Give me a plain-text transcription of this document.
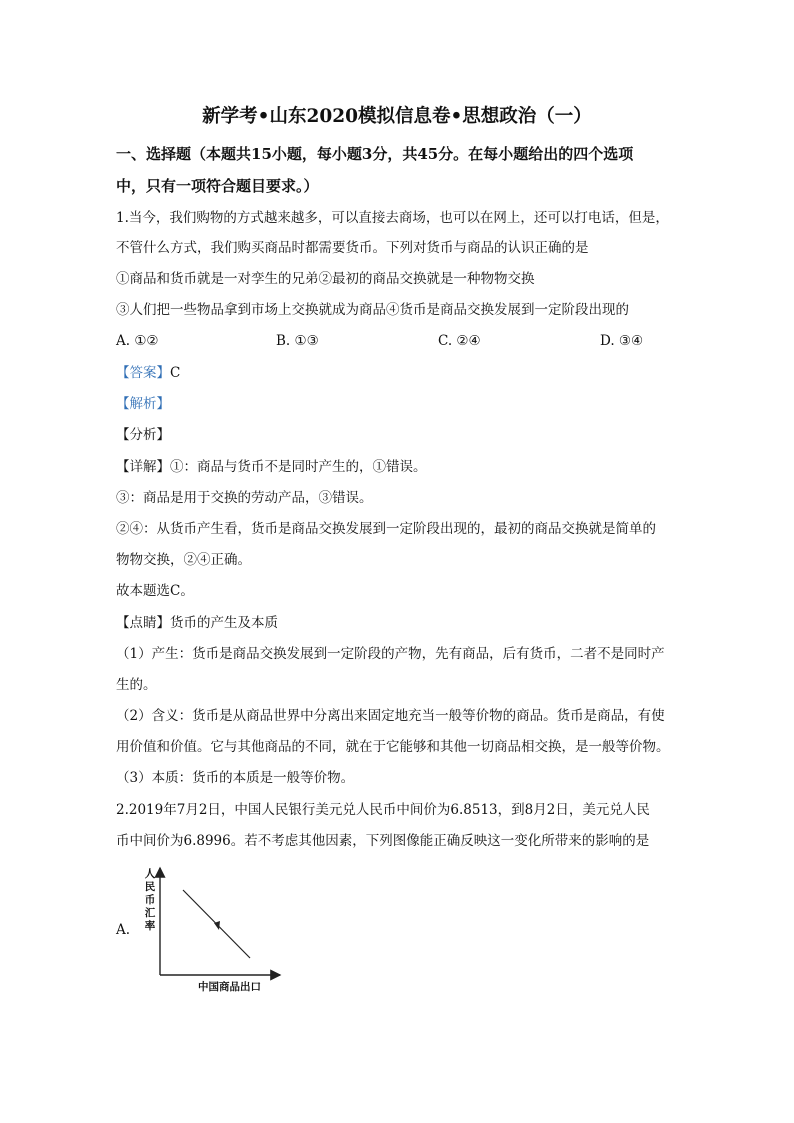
新学考•山东2020模拟信息卷•思想政治（一）
一、选择题（本题共15小题，每小题3分，共45分。在每小题给出的四个选项
中，只有一项符合题目要求。）
1.当今，我们购物的方式越来越多，可以直接去商场，也可以在网上，还可以打电话，但是，
不管什么方式，我们购买商品时都需要货币。下列对货币与商品的认识正确的是
①商品和货币就是一对孪生的兄弟②最初的商品交换就是一种物物交换
③人们把一些物品拿到市场上交换就成为商品④货币是商品交换发展到一定阶段出现的
A. ①②	B. ①③	C. ②④	D. ③④
【答案】C
【解析】
【分析】
【详解】①：商品与货币不是同时产生的，①错误。
③：商品是用于交换的劳动产品，③错误。
②④：从货币产生看，货币是商品交换发展到一定阶段出现的，最初的商品交换就是简单的
物物交换，②④正确。
故本题选C。
【点睛】货币的产生及本质
（1）产生：货币是商品交换发展到一定阶段的产物，先有商品，后有货币，二者不是同时产
生的。
（2）含义：货币是从商品世界中分离出来固定地充当一般等价物的商品。货币是商品，有使
用价值和价值。它与其他商品的不同，就在于它能够和其他一切商品相交换，是一般等价物。
（3）本质：货币的本质是一般等价物。
2.2019年7月2日，中国人民银行美元兑人民币中间价为6.8513，到8月2日，美元兑人民
币中间价为6.8996。若不考虑其他因素，下列图像能正确反映这一变化所带来的影响的是
A.
人民币汇率
中国商品出口
